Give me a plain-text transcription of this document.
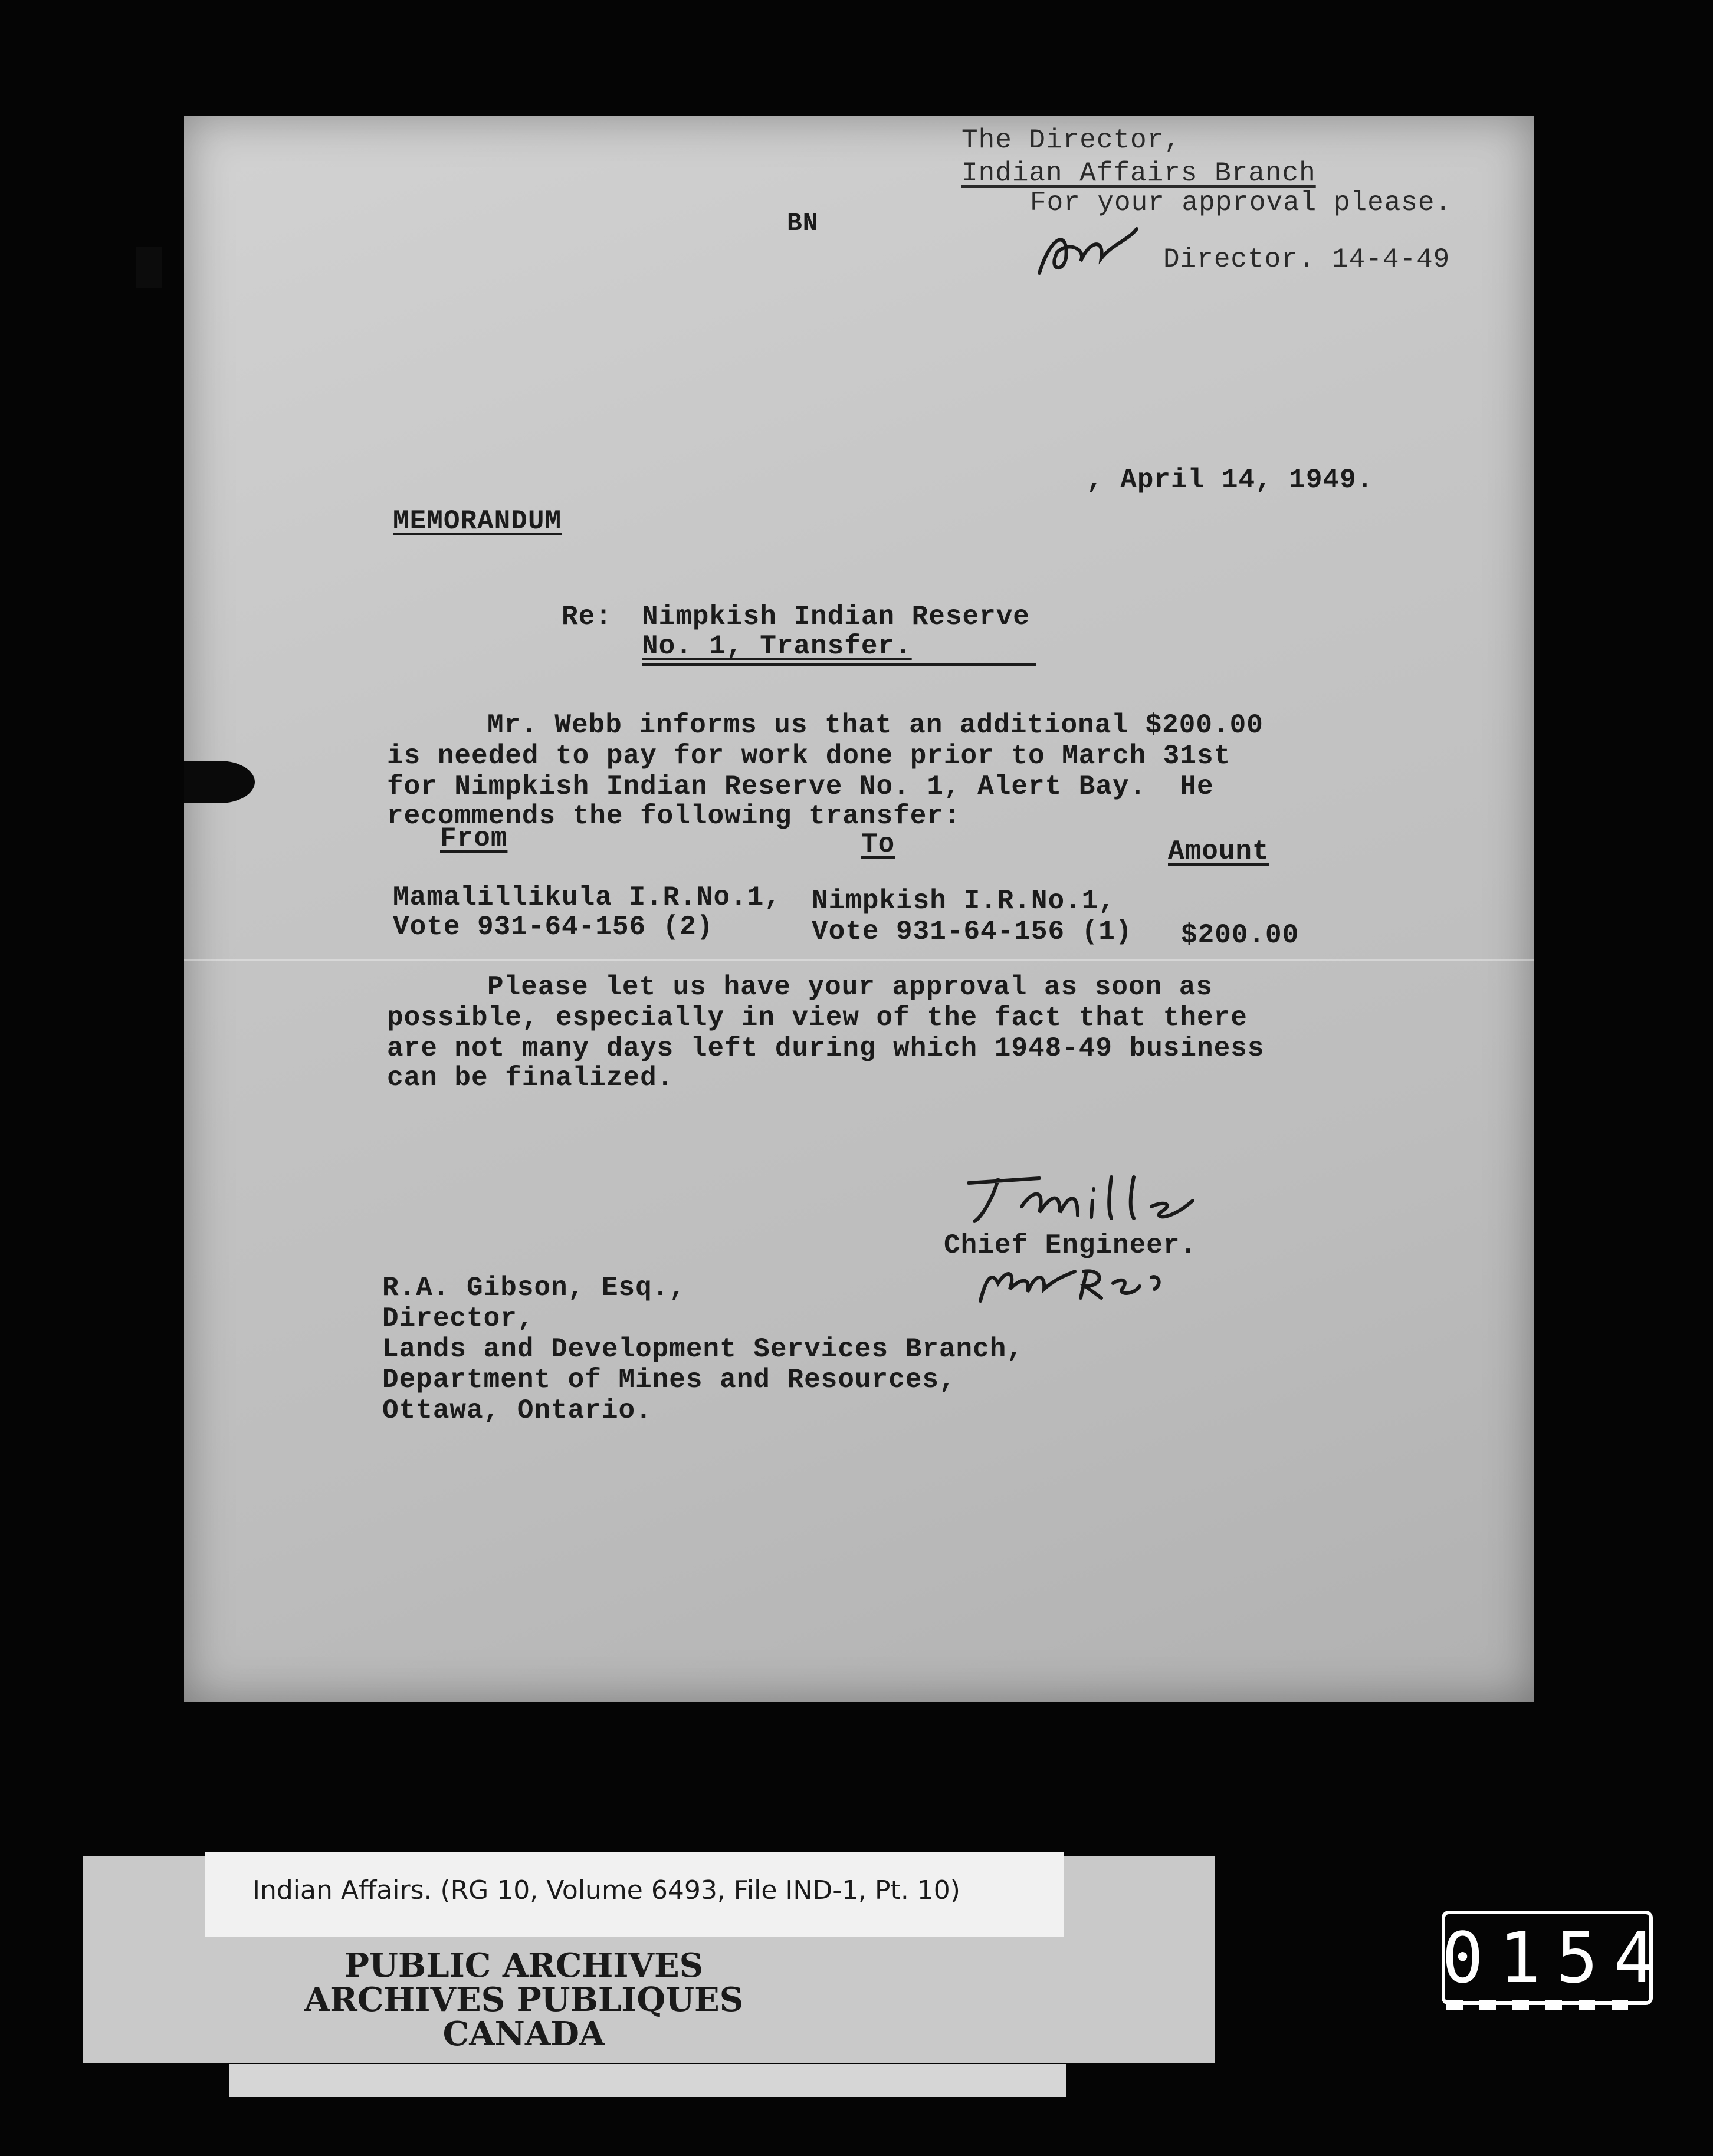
The Director,
Indian Affairs Branch
For your approval please.
Director. 14-4-49
BN
, April 14, 1949.
MEMORANDUM
Re: Nimpkish Indian Reserve
No. 1, Transfer.
Mr. Webb informs us that an additional $200.00
is needed to pay for work done prior to March 31st
for Nimpkish Indian Reserve No. 1, Alert Bay.  He
recommends the following transfer:
From	To	Amount
Mamalillikula I.R.No.1,
Vote 931-64-156 (2)
Nimpkish I.R.No.1,
Vote 931-64-156 (1) $200.00
Please let us have your approval as soon as
possible, especially in view of the fact that there
are not many days left during which 1948-49 business
can be finalized.
Chief Engineer.
R.A. Gibson, Esq.,
Director,
Lands and Development Services Branch,
Department of Mines and Resources,
Ottawa, Ontario.
Indian Affairs. (RG 10, Volume 6493, File IND-1, Pt. 10)
PUBLIC ARCHIVES
ARCHIVES PUBLIQUES
CANADA
0154
